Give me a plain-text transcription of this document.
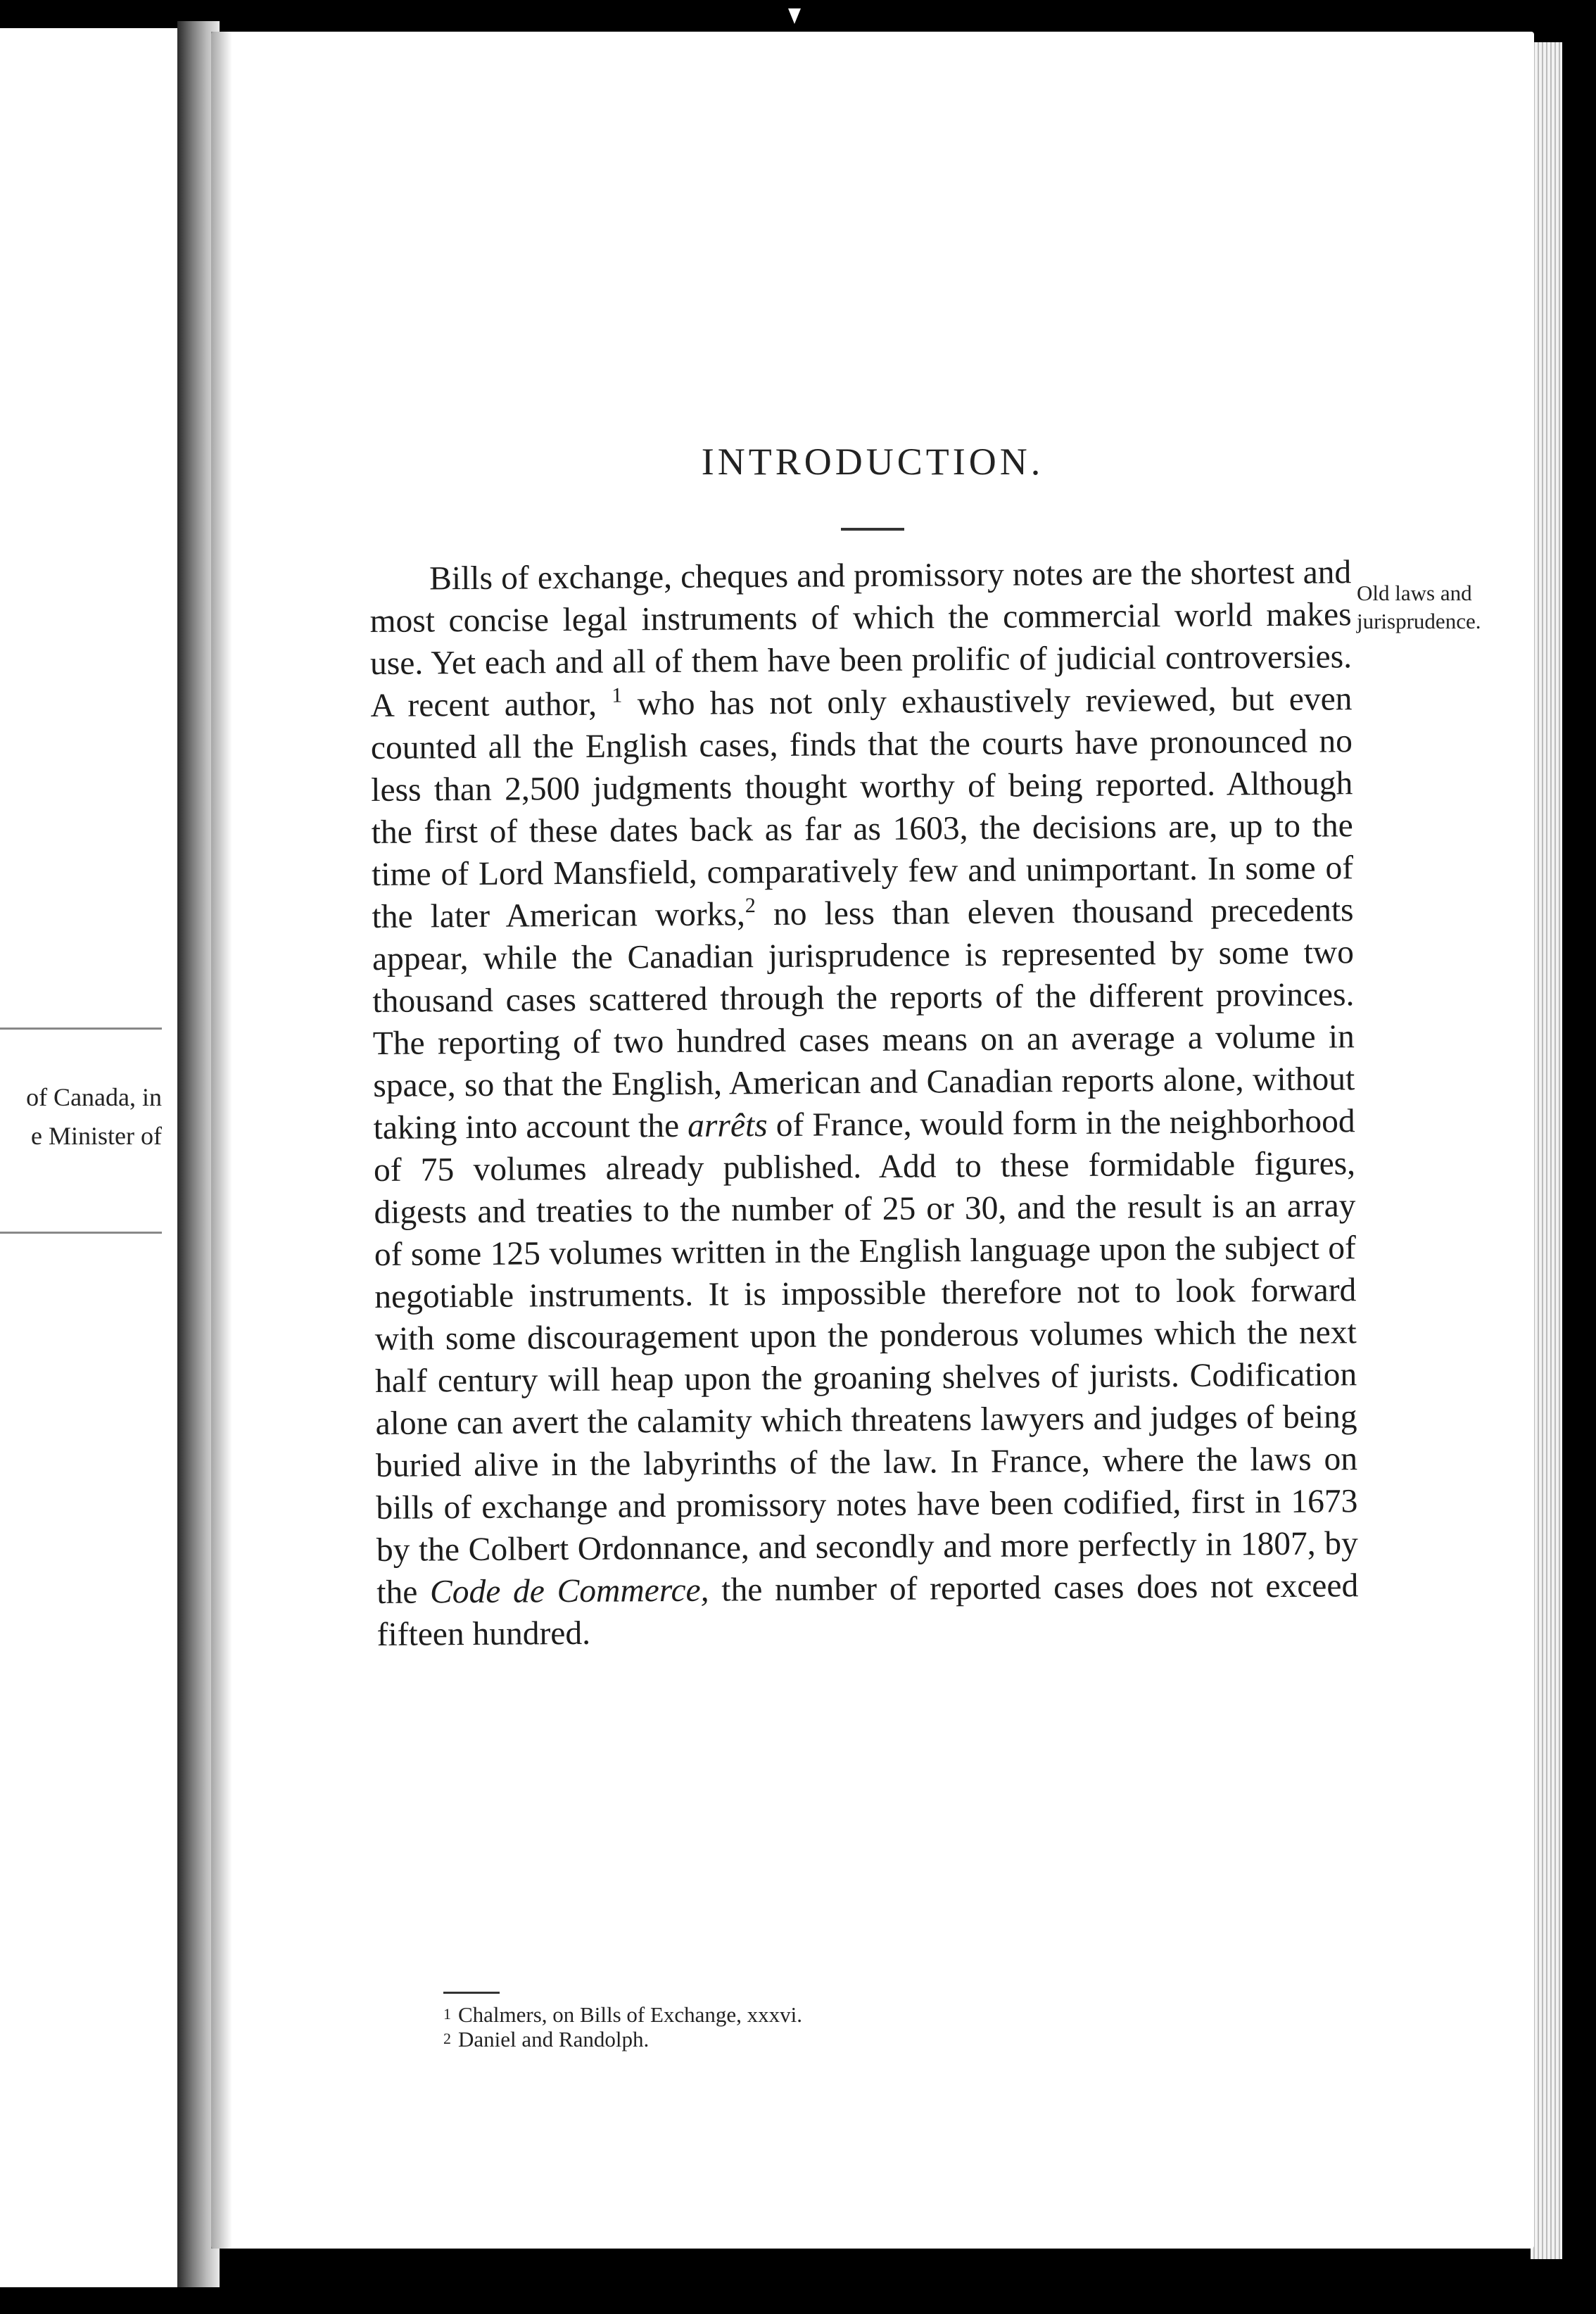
of Canada, in
e Minister of
INTRODUCTION.

Bills of exchange, cheques and promissory notes are the shortest and most concise legal instruments of which the commercial world makes use. Yet each and all of them have been prolific of judicial controversies. A recent author, $^1$ who has not only exhaustively reviewed, but even counted all the English cases, finds that the courts have pronounced no less than 2,500 judgments thought worthy of being reported. Although the first of these dates back as far as 1603, the decisions are, up to the time of Lord Mansfield, comparatively few and unimportant. In some of the later American works,$^2$ no less than eleven thousand precedents appear, while the Canadian jurisprudence is represented by some two thousand cases scattered through the reports of the different provinces. The reporting of two hundred cases means on an average a volume in space, so that the English, American and Canadian reports alone, without taking into account the arrêts of France, would form in the neighborhood of 75 volumes already published. Add to these formidable figures, digests and treaties to the number of 25 or 30, and the result is an array of some 125 volumes written in the English language upon the subject of negotiable instruments. It is impossible therefore not to look forward with some discouragement upon the ponderous volumes which the next half century will heap upon the groaning shelves of jurists. Codification alone can avert the calamity which threatens lawyers and judges of being buried alive in the labyrinths of the law. In France, where the laws on bills of exchange and promissory notes have been codified, first in 1673 by the Colbert Ordonnance, and secondly and more perfectly in 1807, by the Code de Commerce, the number of reported cases does not exceed fifteen hundred.

Old laws and
jurisprudence.
$^1$ Chalmers, on Bills of Exchange, xxxvi.
$^2$ Daniel and Randolph.
